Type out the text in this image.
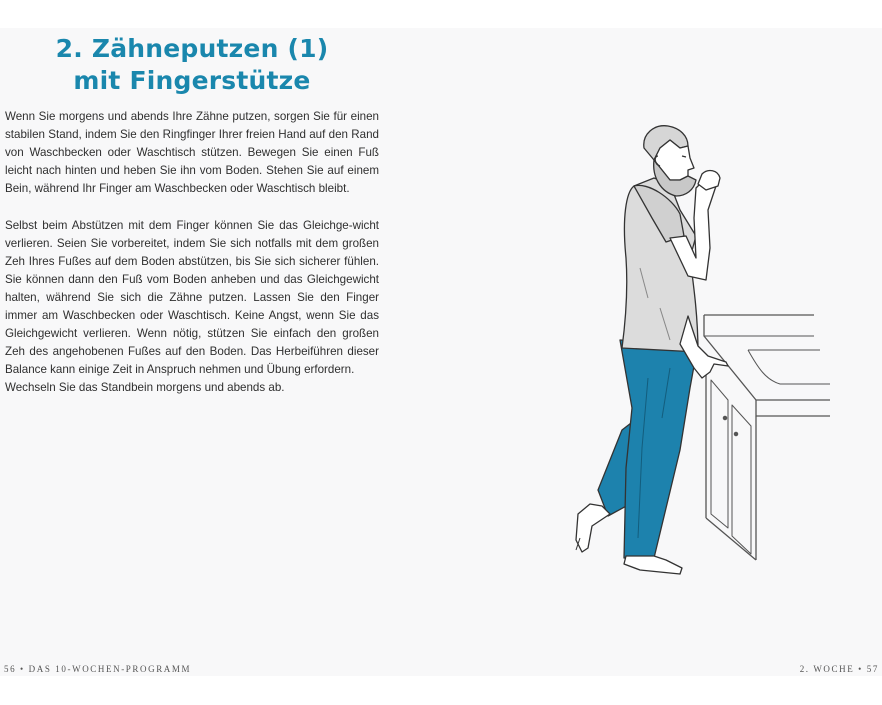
2. Zähneputzen (1)
mit Fingerstütze

Wenn Sie morgens und abends Ihre Zähne putzen, sorgen Sie für einen stabilen Stand, indem Sie den Ringfinger Ihrer freien Hand auf den Rand von Waschbecken oder Waschtisch stützen. Bewegen Sie einen Fuß leicht nach hinten und heben Sie ihn vom Boden. Stehen Sie auf einem Bein, während Ihr Finger am Waschbecken oder Waschtisch bleibt.

Selbst beim Abstützen mit dem Finger können Sie das Gleichge-wicht verlieren. Seien Sie vorbereitet, indem Sie sich notfalls mit dem großen Zeh Ihres Fußes auf dem Boden abstützen, bis Sie sich sicherer fühlen. Sie können dann den Fuß vom Boden anheben und das Gleichgewicht halten, während Sie sich die Zähne putzen. Lassen Sie den Finger immer am Waschbecken oder Waschtisch. Keine Angst, wenn Sie das Gleichgewicht verlieren. Wenn nötig, stützen Sie einfach den großen Zeh des angehobenen Fußes auf den Boden. Das Herbeiführen dieser Balance kann einige Zeit in Anspruch nehmen und Übung erfordern.

Wechseln Sie das Standbein morgens und abends ab.

56 • DAS 10-WOCHEN-PROGRAMM	2. WOCHE • 57
